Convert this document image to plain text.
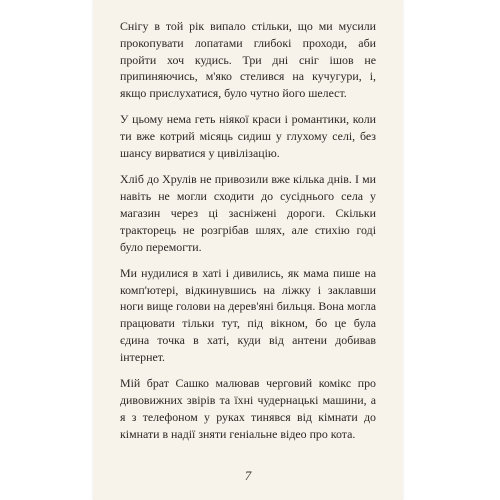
Снігу в той рік випало стільки, що ми мусили прокопувати лопатами глибокі проходи, аби пройти хоч кудись. Три дні сніг ішов не припиняючись, м'яко стелився на кучугури, і, якщо прислухатися, було чутно його шелест.

У цьому нема геть ніякої краси і романтики, коли ти вже котрий місяць сидиш у глухому селі, без шансу вирватися у цивілізацію.

Хліб до Хрулів не привозили вже кілька днів. І ми навіть не могли сходити до сусіднього села у магазин через ці засніжені дороги. Скільки тракторець не розгрібав шлях, але стихію годі було перемогти.

Ми нудилися в хаті і дивились, як мама пише на комп'ютері, відкинувшись на ліжку і заклавши ноги вище голови на дерев'яні бильця. Вона могла працювати тільки тут, під вікном, бо це була єдина точка в хаті, куди від антени добивав інтернет.

Мій брат Сашко малював черговий комікс про дивовижних звірів та їхні чудернацькі машини, а я з телефоном у руках тинявся від кімнати до кімнати в надії зняти геніальне відео про кота.

7
